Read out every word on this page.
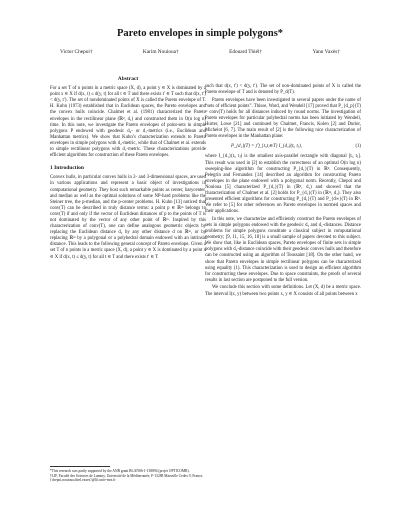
Pareto envelopes in simple polygons*
Victor Chepoi†	Karim Nouioua†	Edouard Thiél†	Yann Vaxès†
Abstract

For a set T of n points in a metric space (X, d), a point y ∈ X is dominated by a point x ∈ X if d(x, t) ≤ d(y, t) for all t ∈ T and there exists t′ ∈ T such that d(x, t′) < d(y, t′). The set of nondominated points of X is called the Pareto envelope of T. H. Kuhn (1973) established that in Euclidean spaces, the Pareto envelopes and the convex hulls coincide. Chalmet et al. (1981) characterized the Pareto envelopes in the rectilinear plane (ℝ², d₁) and constructed them in O(n log n) time. In this note, we investigate the Pareto envelopes of point-sets in simple polygons P endowed with geodesic d₂- or d₁-metrics (i.e., Euclidean and Manhattan metrics). We show that Kuhn’s characterization extends to Pareto envelopes in simple polygons with d₂-metric, while that of Chalmet et al. extends to simple rectilinear polygons with d₁-metric. These characterizations provide efficient algorithms for construction of these Pareto envelopes.

1 Introduction

Convex hulls, in particular convex hulls in 2- and 3-dimensional spaces, are used in various applications and represent a basic object of investigations in computational geometry. They host such remarkable points as center, barycenter, and median as well as the optimal solutions of some NP-hard problems like the Steiner tree, the p-median, and the p-center problems. H. Kuhn [13] noticed that conv(T) can be described in truly distance terms: a point p ∈ ℝᵐ belongs to conv(T) if and only if the vector of Euclidean distances of p to the points of T is not dominated by the vector of any other point of ℝᵐ. Inspired by this characterization of conv(T), one can define analogous geometric objects by replacing the Euclidean distance d₂ by any other distance d on ℝᵐ, or by replacing ℝᵐ by a polygonal or a polyhedral domain endowed with an intrinsic distance. This leads to the following general concept of Pareto envelope. Given a set T of n points in a metric space (X, d), a point y ∈ X is dominated by a point x ∈ X if d(x, t) ≤ d(y, t) for all t ∈ T and there exists t′ ∈ T

such that d(x, t′) < d(y, t′). The set of non-dominated points of X is called the Pareto envelope of T and is denoted by P_d(T).

Pareto envelopes have been investigated in several papers under the name of “sets of efficient points”. Thisse, Ward, and Wendell [17] proved that P_{d_p}(T) = conv(T) holds for all distances induced by round norms. The investigation of Pareto envelopes for particular polyhedral norms has been initiated by Wendell, Hurter, Lowe [21] and continued by Chalmet, Francis, Kolen [2] and Durier, Michelot [6, 7]. The main result of [2] is the following nice characterization of Pareto envelopes in the Manhattan plane:

P_{d₁}(T) = ⋂_{tᵢ,tⱼ∈T} I_{d₁}(tᵢ, tⱼ),	(1)

where I_{d₁}(tᵢ, tⱼ) is the smallest axis-parallel rectangle with diagonal [tᵢ, tⱼ]. This result was used in [2] to establish the correctness of an optimal O(n log n) sweeping-line algorithm for constructing P_{d₁}(T) in ℝ². Consequently, Pelegrín and Fernandez [14] described an algorithm for constructing Pareto envelopes in the plane endowed with a polygonal norm. Recently, Chepoi and Nouioua [5] characterized P_{d₁}(T) in (ℝ³, d₁) and showed that the characterization of Chalmet et al. [2] holds for P_{d₁}(T) in (ℝᵐ, d₁). They also presented efficient algorithms for constructing P_{d₁}(T) and P_{d∞}(T) in ℝ³. We refer to [5] for other references on Pareto envelopes in normed spaces and their applications.

In this note, we characterize and efficiently construct the Pareto envelopes of sets in simple polygons endowed with the geodesic d₂ and d₁-distances. Distance problems for simple polygons constitute a classical subject in computational geometry; [9, 11, 15, 16, 18] is a small sample of papers devoted to this subject. We show that, like in Euclidean spaces, Pareto envelopes of finite sets in simple polygons with d₂-distance coincide with their geodesic convex hulls and therefore can be constructed using an algorithm of Toussaint [18]. On the other hand, we show that Pareto envelopes in simple rectilinear polygons can be characterized using equality (1). This characterization is used to design an efficient algorithm for constructing these envelopes. Due to space constraints, the proofs of several results in last section are postponed to the full version.

We conclude this section with some definitions. Let (X, d) be a metric space. The interval I(x, y) between two points x, y ∈ X consists of all points between x

*This research was partly supported by the ANR grant BLAN06-1-138894 (projet OPTICOMB).

†LIF, Faculté des Sciences de Luminy, Université de la Méditerranée, F-13288 Marseille Cedex 9, France, {chepoi,nouioua,thiel,vaxes}@lif.univ-mrs.fr
